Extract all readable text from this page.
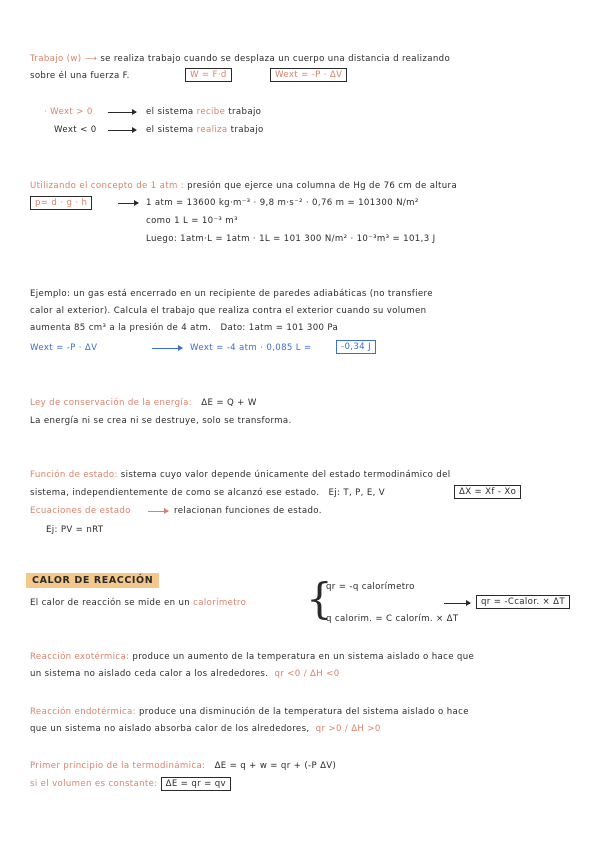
Trabajo (w) ⟶ se realiza trabajo cuando se desplaza un cuerpo una distancia d realizando
sobre él una fuerza F.	W = F·d	Wext = -P · ΔV
· Wext > 0	el sistema recibe trabajo
Wext < 0	el sistema realiza trabajo
Utilizando el concepto de 1 atm : presión que ejerce una columna de Hg de 76 cm de altura
p= d · g · h	1 atm = 13600 kg·m⁻³ · 9,8 m·s⁻² · 0,76 m = 101300 N/m²
como 1 L = 10⁻³ m³
Luego: 1atm·L = 1atm · 1L = 101 300 N/m² · 10⁻³m³ = 101,3 J
Ejemplo: un gas está encerrado en un recipiente de paredes adiabáticas (no transfiere
calor al exterior). Calcula el trabajo que realiza contra el exterior cuando su volumen
aumenta 85 cm³ a la presión de 4 atm. Dato: 1atm = 101 300 Pa
Wext = -P · ΔV	Wext = -4 atm · 0,085 L =	-0,34 J
Ley de conservación de la energía:   ΔE = Q + W
La energía ni se crea ni se destruye, solo se transforma.
Función de estado: sistema cuyo valor depende únicamente del estado termodinámico del
sistema, independientemente de como se alcanzó ese estado. Ej: T, P, E, V	ΔX = Xf - Xo
Ecuaciones de estado	relacionan funciones de estado.
Ej: PV = nRT
CALOR DE REACCIÓN
El calor de reacción se mide en un calorímetro {
qr = -q calorímetro
q calorim. = C calorím. × ΔT
qr = -Ccalor. × ΔT
Reacción exotérmica: produce un aumento de la temperatura en un sistema aislado o hace que
un sistema no aislado ceda calor a los alrededores. qr <0 / ΔH <0
Reacción endotérmica: produce una disminución de la temperatura del sistema aislado o hace
que un sistema no aislado absorba calor de los alrededores, qr >0 / ΔH >0
Primer principio de la termodinámica:   ΔE = q + w = qr + (-P ΔV)
si el volumen es constante: ΔE = qr = qv
